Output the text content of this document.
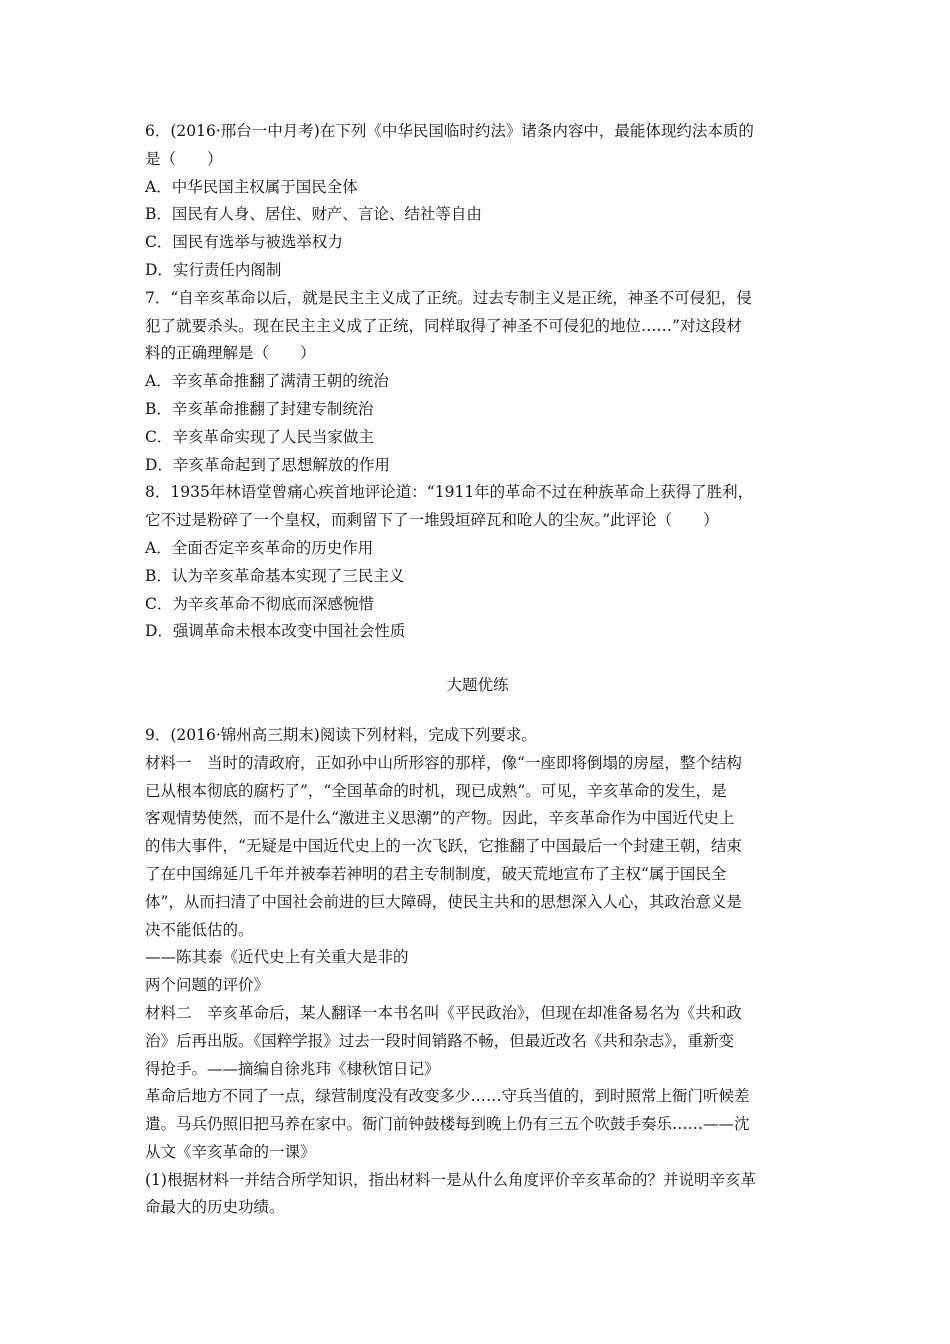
6．(2016·邢台一中月考)在下列《中华民国临时约法》诸条内容中，最能体现约法本质的
是（　　）
A．中华民国主权属于国民全体
B．国民有人身、居住、财产、言论、结社等自由
C．国民有选举与被选举权力
D．实行责任内阁制
7．“自辛亥革命以后，就是民主主义成了正统。过去专制主义是正统，神圣不可侵犯，侵
犯了就要杀头。现在民主主义成了正统，同样取得了神圣不可侵犯的地位……”对这段材
料的正确理解是（　　）
A．辛亥革命推翻了满清王朝的统治
B．辛亥革命推翻了封建专制统治
C．辛亥革命实现了人民当家做主
D．辛亥革命起到了思想解放的作用
8．1935年林语堂曾痛心疾首地评论道：“1911年的革命不过在种族革命上获得了胜利，
它不过是粉碎了一个皇权，而剩留下了一堆毁垣碎瓦和呛人的尘灰。”此评论（　　）
A．全面否定辛亥革命的历史作用
B．认为辛亥革命基本实现了三民主义
C．为辛亥革命不彻底而深感惋惜
D．强调革命未根本改变中国社会性质
大题优练
9．(2016·锦州高三期末)阅读下列材料，完成下列要求。
材料一　当时的清政府，正如孙中山所形容的那样，像“一座即将倒塌的房屋，整个结构
已从根本彻底的腐朽了”，“全国革命的时机，现已成熟”。可见，辛亥革命的发生，是
客观情势使然，而不是什么“激进主义思潮”的产物。因此，辛亥革命作为中国近代史上
的伟大事件，“无疑是中国近代史上的一次飞跃，它推翻了中国最后一个封建王朝，结束
了在中国绵延几千年并被奉若神明的君主专制制度，破天荒地宣布了主权“属于国民全
体”，从而扫清了中国社会前进的巨大障碍，使民主共和的思想深入人心，其政治意义是
决不能低估的。
——陈其泰《近代史上有关重大是非的
两个问题的评价》
材料二　辛亥革命后，某人翻译一本书名叫《平民政治》，但现在却准备易名为《共和政
治》后再出版。《国粹学报》过去一段时间销路不畅，但最近改名《共和杂志》，重新变
得抢手。——摘编自徐兆玮《棣秋馆日记》
革命后地方不同了一点，绿营制度没有改变多少……守兵当值的，到时照常上衙门听候差
遣。马兵仍照旧把马养在家中。衙门前钟鼓楼每到晚上仍有三五个吹鼓手奏乐……——沈
从文《辛亥革命的一课》
(1)根据材料一并结合所学知识，指出材料一是从什么角度评价辛亥革命的？并说明辛亥革
命最大的历史功绩。
